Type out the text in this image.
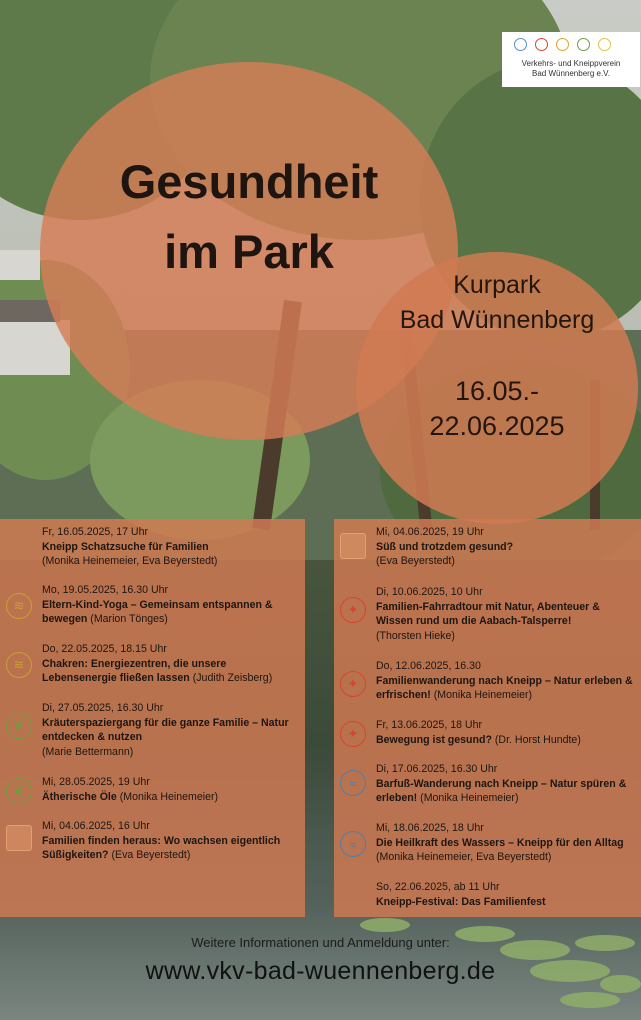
Verkehrs- und Kneippverein
Bad Wünnenberg e.V.
Gesundheit
im Park
Kurpark
Bad Wünnenberg
16.05.-
22.06.2025
Fr, 16.05.2025, 17 Uhr
Kneipp Schatzsuche für Familien
(Monika Heinemeier, Eva Beyerstedt)
≋
Mo, 19.05.2025, 16.30 Uhr
Eltern-Kind-Yoga – Gemeinsam entspannen & bewegen (Marion Tönges)
≋
Do, 22.05.2025, 18.15 Uhr
Chakren: Energiezentren, die unsere Lebensenergie fließen lassen (Judith Zeisberg)
❦
Di, 27.05.2025, 16.30 Uhr
Kräuterspaziergang für die ganze Familie – Natur entdecken & nutzen
(Marie Bettermann)
❦
Mi, 28.05.2025, 19 Uhr
Ätherische Öle (Monika Heinemeier)
Mi, 04.06.2025, 16 Uhr
Familien finden heraus: Wo wachsen eigentlich Süßigkeiten? (Eva Beyerstedt)
Mi, 04.06.2025, 19 Uhr
Süß und trotzdem gesund?
(Eva Beyerstedt)
✦
Di, 10.06.2025, 10 Uhr
Familien-Fahrradtour mit Natur, Abenteuer & Wissen rund um die Aabach-Talsperre!
(Thorsten Hieke)
✦
Do, 12.06.2025, 16.30
Familienwanderung nach Kneipp – Natur erleben & erfrischen! (Monika Heinemeier)
✦
Fr, 13.06.2025, 18 Uhr
Bewegung ist gesund? (Dr. Horst Hundte)
≈
Di, 17.06.2025, 16.30 Uhr
Barfuß-Wanderung nach Kneipp – Natur spüren & erleben! (Monika Heinemeier)
≈
Mi, 18.06.2025, 18 Uhr
Die Heilkraft des Wassers – Kneipp für den Alltag (Monika Heinemeier, Eva Beyerstedt)
So, 22.06.2025, ab 11 Uhr
Kneipp-Festival: Das Familienfest
Weitere Informationen und Anmeldung unter:
www.vkv-bad-wuennenberg.de
